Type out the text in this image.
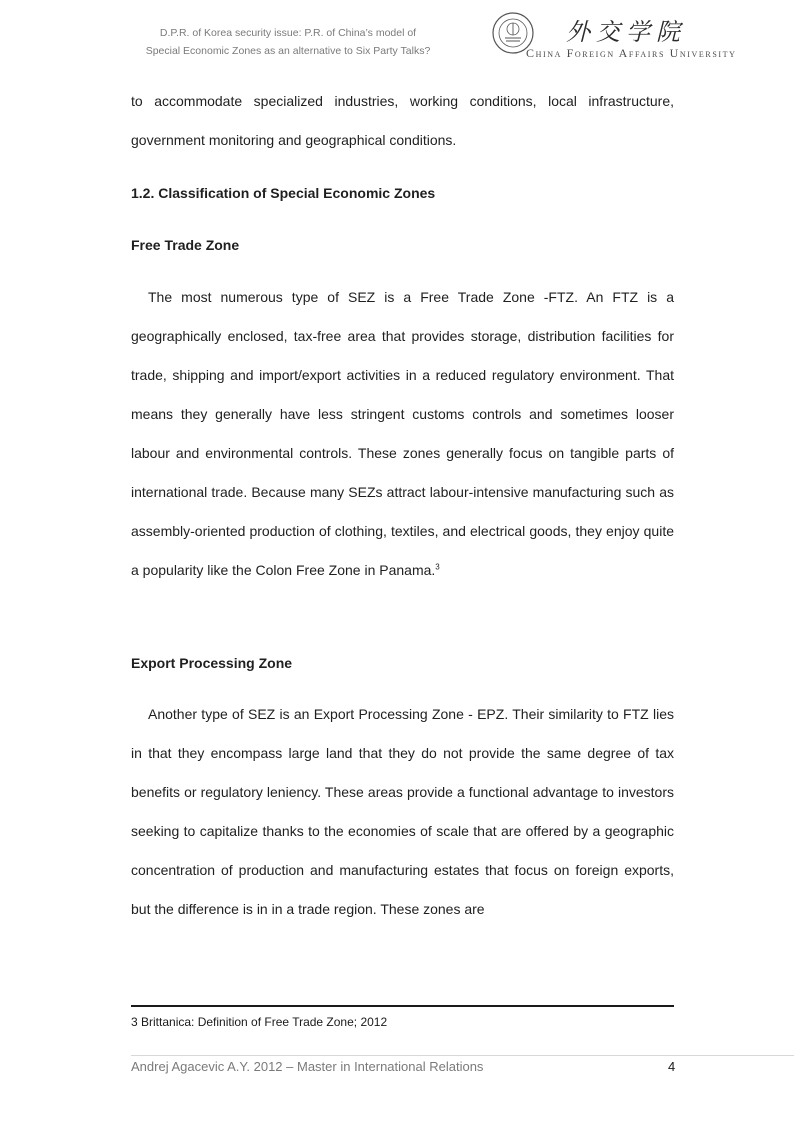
D.P.R. of Korea security issue: P.R. of China’s model of
Special Economic Zones as an alternative to Six Party Talks?
外交学院
China Foreign Affairs University

to accommodate specialized industries, working conditions, local infrastructure, government monitoring and geographical conditions.

1.2. Classification of Special Economic Zones

Free Trade Zone

The most numerous type of SEZ is a Free Trade Zone -FTZ. An FTZ is a geographically enclosed, tax-free area that provides storage, distribution facilities for trade, shipping and import/export activities in a reduced regulatory environment. That means they generally have less stringent customs controls and sometimes looser labour and environmental controls. These zones generally focus on tangible parts of international trade. Because many SEZs attract labour-intensive manufacturing such as assembly-oriented production of clothing, textiles, and electrical goods, they enjoy quite a popularity like the Colon Free Zone in Panama.$^3$

Export Processing Zone

Another type of SEZ is an Export Processing Zone - EPZ. Their similarity to FTZ lies in that they encompass large land that they do not provide the same degree of tax benefits or regulatory leniency. These areas provide a functional advantage to investors seeking to capitalize thanks to the economies of scale that are offered by a geographic concentration of production and manufacturing estates that focus on foreign exports, but the difference is in in a trade region. These zones are

3 Brittanica: Definition of Free Trade Zone; 2012
Andrej Agacevic A.Y. 2012 – Master in International Relations	4
